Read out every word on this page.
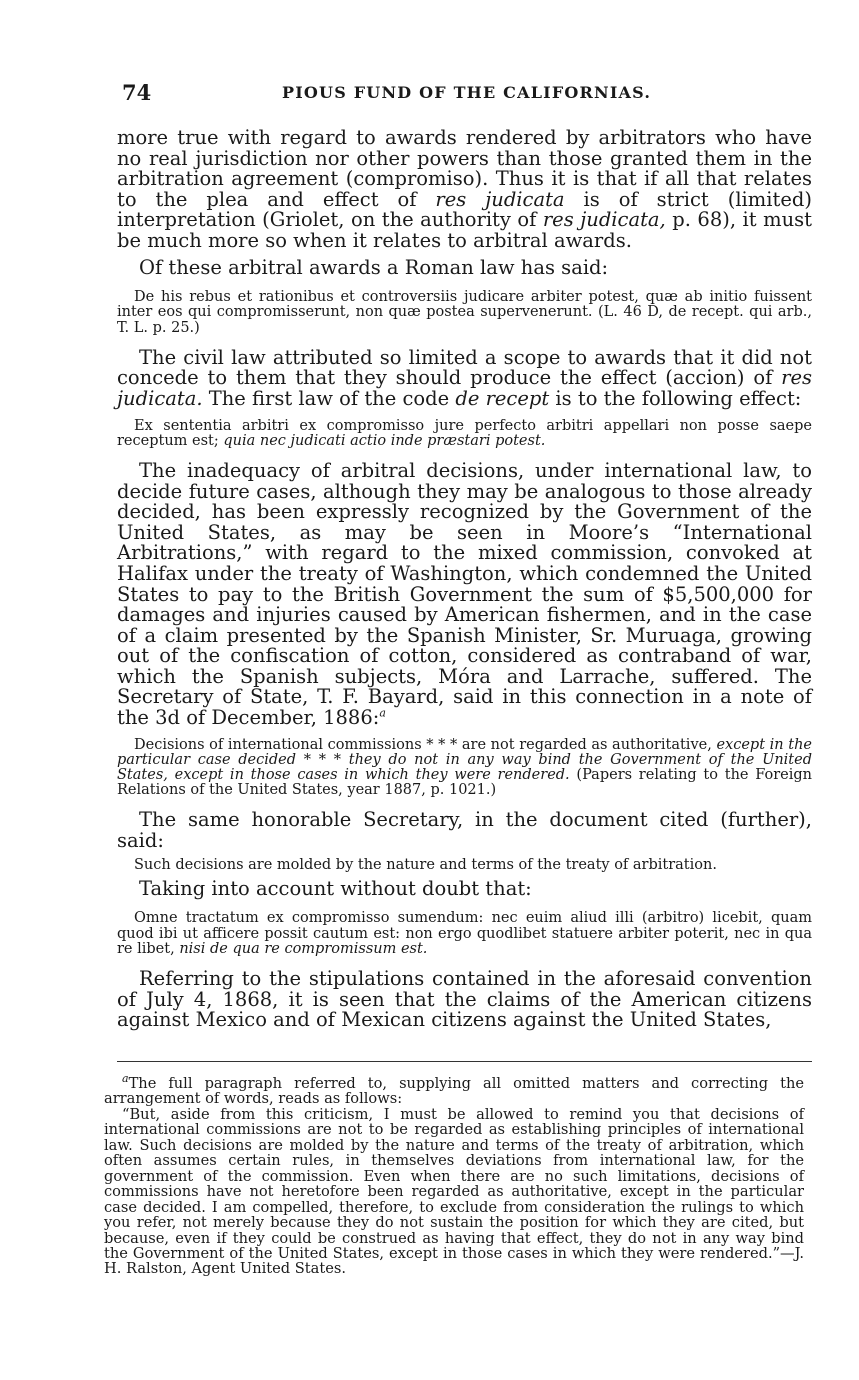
74	PIOUS FUND OF THE CALIFORNIAS.

more true with regard to awards rendered by arbitrators who have no real jurisdiction nor other powers than those granted them in the arbitration agreement (compromiso). Thus it is that if all that relates to the plea and effect of res judicata is of strict (limited) interpretation (Griolet, on the authority of res judicata, p. 68), it must be much more so when it relates to arbitral awards.

Of these arbitral awards a Roman law has said:

De his rebus et rationibus et controversiis judicare arbiter potest, quæ ab initio fuissent inter eos qui compromisserunt, non quæ postea supervenerunt. (L. 46 D, de recept. qui arb., T. L. p. 25.)

The civil law attributed so limited a scope to awards that it did not concede to them that they should produce the effect (accion) of res judicata. The first law of the code de recept is to the following effect:

Ex sententia arbitri ex compromisso jure perfecto arbitri appellari non posse saepe receptum est; quia nec judicati actio inde præstari potest.

The inadequacy of arbitral decisions, under international law, to decide future cases, although they may be analogous to those already decided, has been expressly recognized by the Government of the United States, as may be seen in Moore’s “International Arbitrations,” with regard to the mixed commission, convoked at Halifax under the treaty of Washington, which condemned the United States to pay to the British Government the sum of $5,500,000 for damages and injuries caused by American fishermen, and in the case of a claim presented by the Spanish Minister, Sr. Muruaga, growing out of the confiscation of cotton, considered as contraband of war, which the Spanish subjects, Móra and Larrache, suffered. The Secretary of State, T. F. Bayard, said in this connection in a note of the 3d of December, 1886:$^a$

Decisions of international commissions * * * are not regarded as authoritative, except in the particular case decided * * * they do not in any way bind the Government of the United States, except in those cases in which they were rendered. (Papers relating to the Foreign Relations of the United States, year 1887, p. 1021.)

The same honorable Secretary, in the document cited (further), said:

Such decisions are molded by the nature and terms of the treaty of arbitration.

Taking into account without doubt that:

Omne tractatum ex compromisso sumendum: nec euim aliud illi (arbitro) licebit, quam quod ibi ut afficere possit cautum est: non ergo quodlibet statuere arbiter poterit, nec in qua re libet, nisi de qua re compromissum est.

Referring to the stipulations contained in the aforesaid convention of July 4, 1868, it is seen that the claims of the American citizens against Mexico and of Mexican citizens against the United States,

$^a$The full paragraph referred to, supplying all omitted matters and correcting the arrangement of words, reads as follows:

“But, aside from this criticism, I must be allowed to remind you that decisions of international commissions are not to be regarded as establishing principles of international law. Such decisions are molded by the nature and terms of the treaty of arbitration, which often assumes certain rules, in themselves deviations from international law, for the government of the commission. Even when there are no such limitations, decisions of commissions have not heretofore been regarded as authoritative, except in the particular case decided. I am compelled, therefore, to exclude from consideration the rulings to which you refer, not merely because they do not sustain the position for which they are cited, but because, even if they could be construed as having that effect, they do not in any way bind the Government of the United States, except in those cases in which they were rendered.”—J. H. Ralston, Agent United States.
